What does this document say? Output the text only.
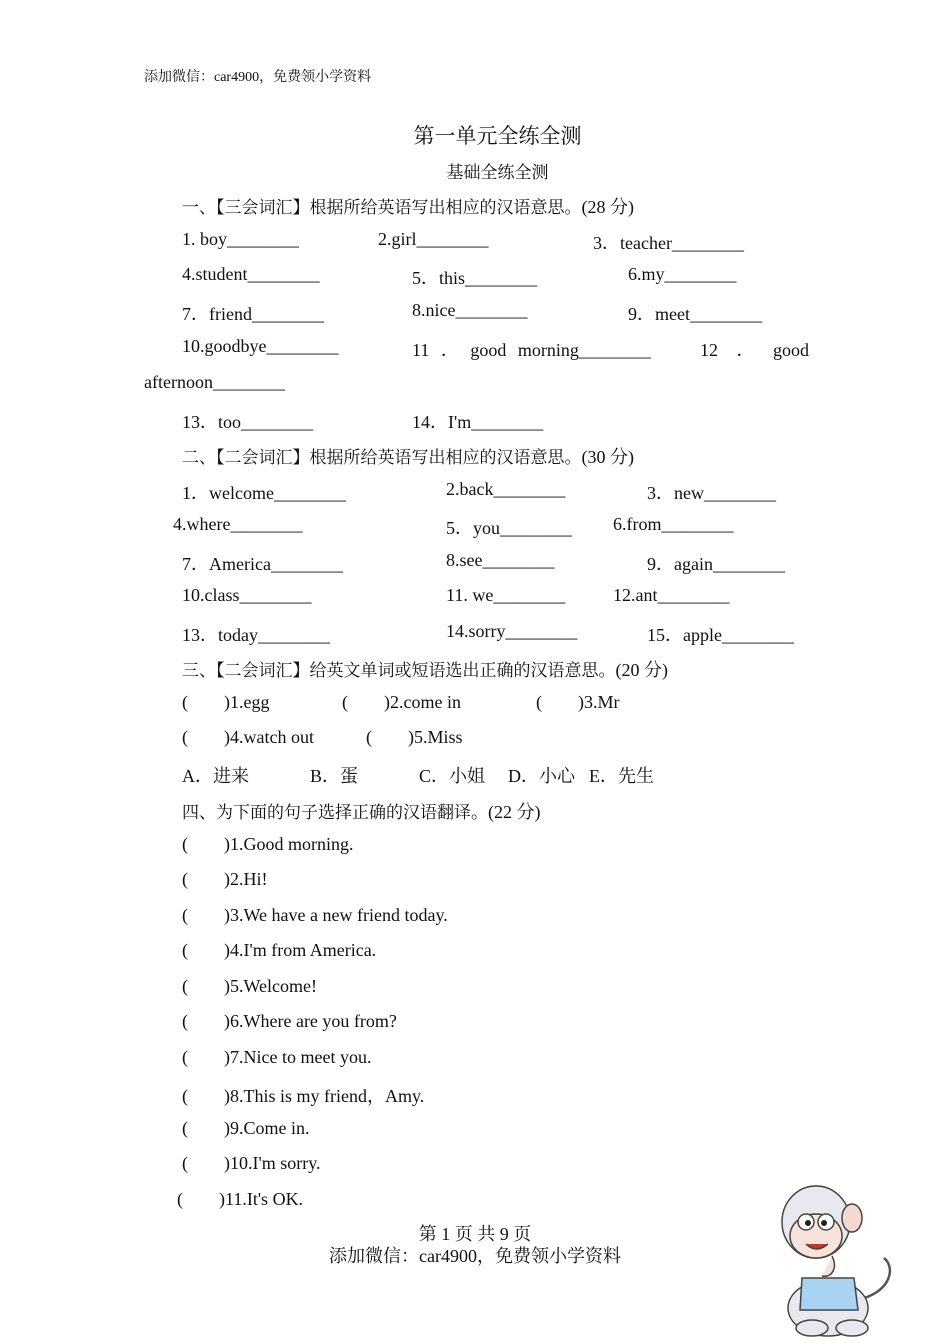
添加微信：car4900，免费领小学资料
第一单元全练全测
基础全练全测
一、【三会词汇】根据所给英语写出相应的汉语意思。(28 分)
1. boy________	2.girl________	3．teacher________
4.student________	5．this________	6.my________
7．friend________	8.nice________	9．meet________
10.goodbye________	11 ． good morning________	12 ． good
afternoon________
13．too________	14．I'm________
二、【二会词汇】根据所给英语写出相应的汉语意思。(30 分)
1．welcome________	2.back________	3．new________
4.where________	5．you________ 6.from________
7．America________	8.see________	9．again________
10.class________	11. we________	12.ant________
13．today________	14.sorry________	15．apple________
三、【二会词汇】给英文单词或短语选出正确的汉语意思。(20 分)
(        )1.egg	(        )2.come in	(        )3.Mr
(        )4.watch out	(        )5.Miss
A．进来	B．蛋	C．小姐 D．小心 E．先生
四、为下面的句子选择正确的汉语翻译。(22 分)
(        )1.Good morning.
(        )2.Hi!
(        )3.We have a new friend today.
(        )4.I'm from America.
(        )5.Welcome!
(        )6.Where are you from?
(        )7.Nice to meet you.
(        )8.This is my friend，Amy.
(        )9.Come in.
(        )10.I'm sorry.
(        )11.It's OK.
第 1 页 共 9 页
添加微信：car4900，免费领小学资料
